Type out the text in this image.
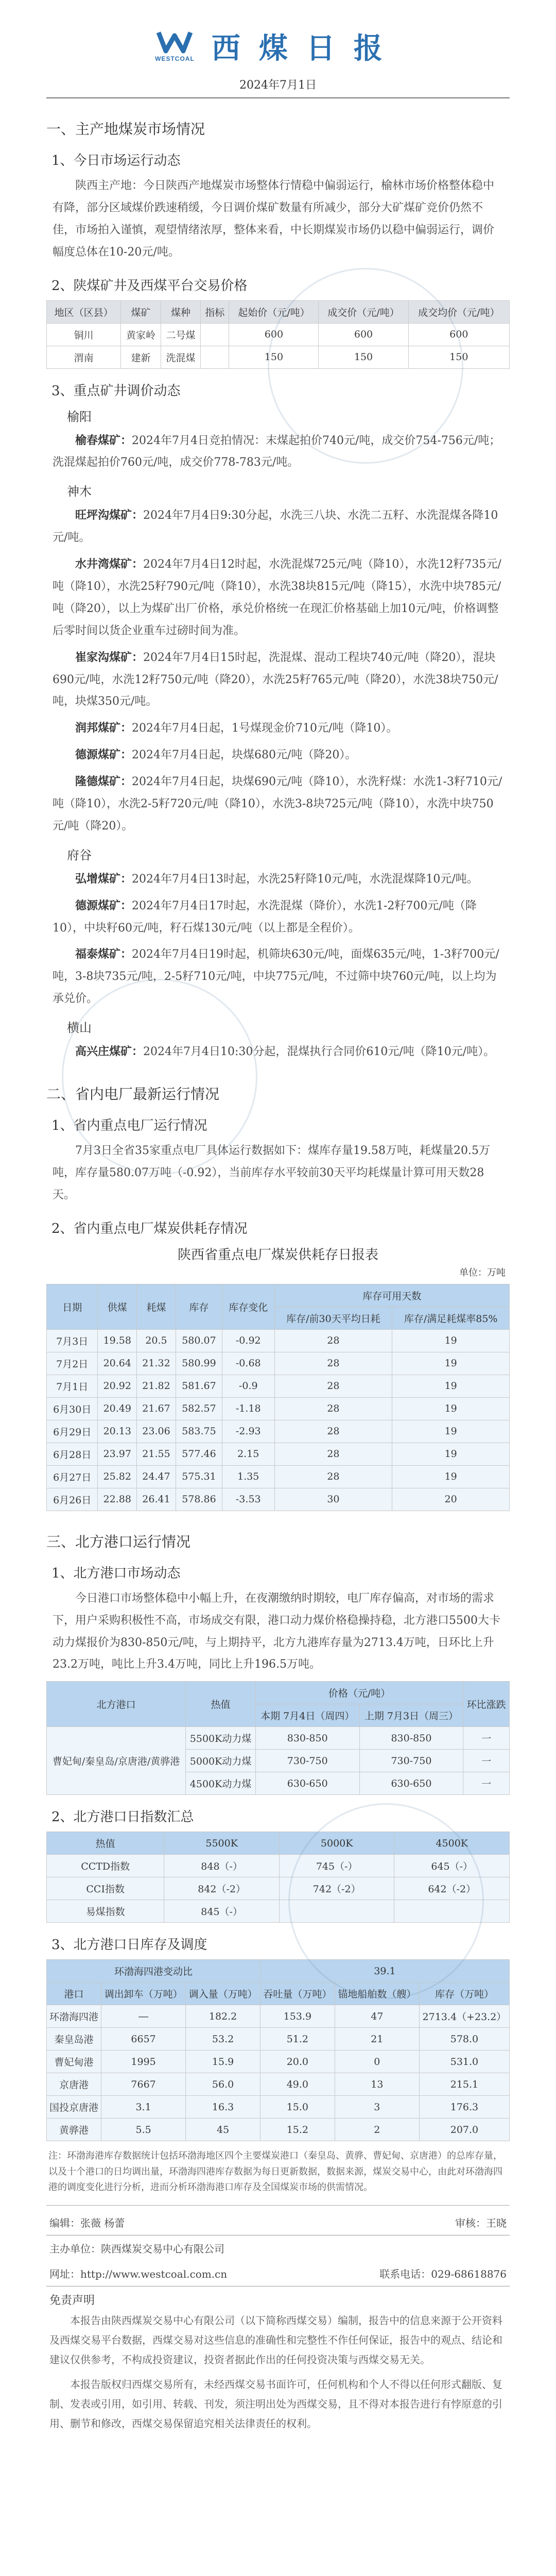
WESTCOAL 西煤日报
2024年7月1日
一、主产地煤炭市场情况
1、今日市场运行动态

陕西主产地：今日陕西产地煤炭市场整体行情稳中偏弱运行，榆林市场价格整体稳中有降，部分区域煤价跌速稍缓，今日调价煤矿数量有所减少，部分大矿煤矿竞价仍然不佳，市场拍入谨慎，观望情绪浓厚，整体来看，中长期煤炭市场仍以稳中偏弱运行，调价幅度总体在10-20元/吨。

2、陕煤矿井及西煤平台交易价格
地区（区县）	煤矿	煤种	指标	起始价（元/吨）	成交价（元/吨）	成交均价（元/吨）
铜川	黄家岭	二号煤		600	600	600
渭南	建新	洗混煤		150	150	150
3、重点矿井调价动态
榆阳

榆春煤矿：2024年7月4日竞拍情况：末煤起拍价740元/吨，成交价754-756元/吨；洗混煤起拍价760元/吨，成交价778-783元/吨。

神木

旺坪沟煤矿：2024年7月4日9:30分起，水洗三八块、水洗二五籽、水洗混煤各降10元/吨。

水井湾煤矿：2024年7月4日12时起，水洗混煤725元/吨（降10），水洗12籽735元/吨（降10），水洗25籽790元/吨（降10），水洗38块815元/吨（降15），水洗中块785元/吨（降20），以上为煤矿出厂价格，承兑价格统一在现汇价格基础上加10元/吨，价格调整后零时间以货企业重车过磅时间为准。

崔家沟煤矿：2024年7月4日15时起，洗混煤、混动工程块740元/吨（降20），混块690元/吨，水洗12籽750元/吨（降20），水洗25籽765元/吨（降20），水洗38块750元/吨，块煤350元/吨。

润邦煤矿：2024年7月4日起，1号煤现金价710元/吨（降10）。

德源煤矿：2024年7月4日起，块煤680元/吨（降20）。

隆德煤矿：2024年7月4日起，块煤690元/吨（降10），水洗籽煤：水洗1-3籽710元/吨（降10），水洗2-5籽720元/吨（降10），水洗3-8块725元/吨（降10），水洗中块750元/吨（降20）。

府谷

弘增煤矿：2024年7月4日13时起，水洗25籽降10元/吨，水洗混煤降10元/吨。

德源煤矿：2024年7月4日17时起，水洗混煤（降价），水洗1-2籽700元/吨（降10），中块籽60元/吨，籽石煤130元/吨（以上都是全程价）。

福泰煤矿：2024年7月4日19时起，机筛块630元/吨，面煤635元/吨，1-3籽700元/吨，3-8块735元/吨，2-5籽710元/吨，中块775元/吨，不过筛中块760元/吨，以上均为承兑价。

横山

高兴庄煤矿：2024年7月4日10:30分起，混煤执行合同价610元/吨（降10元/吨）。

二、省内电厂最新运行情况
1、省内重点电厂运行情况

7月3日全省35家重点电厂具体运行数据如下：煤库存量19.58万吨，耗煤量20.5万吨，库存量580.07万吨（-0.92），当前库存水平较前30天平均耗煤量计算可用天数28天。

2、省内重点电厂煤炭供耗存情况
陕西省重点电厂煤炭供耗存日报表
单位：万吨
日期	供煤	耗煤	库存	库存变化	库存可用天数	
					库存/前30天平均日耗	库存/满足耗煤率85%
7月3日	19.58	20.5	580.07	-0.92	28	19
7月2日	20.64	21.32	580.99	-0.68	28	19
7月1日	20.92	21.82	581.67	-0.9	28	19
6月30日	20.49	21.67	582.57	-1.18	28	19
6月29日	20.13	23.06	583.75	-2.93	28	19
6月28日	23.97	21.55	577.46	2.15	28	19
6月27日	25.82	24.47	575.31	1.35	28	19
6月26日	22.88	26.41	578.86	-3.53	30	20
三、北方港口运行情况
1、北方港口市场动态

今日港口市场整体稳中小幅上升，在夜潮缴纳时期较，电厂库存偏高，对市场的需求下，用户采购积极性不高，市场成交有限，港口动力煤价格稳操持稳，北方港口5500大卡动力煤报价为830-850元/吨，与上期持平，北方九港库存量为2713.4万吨，日环比上升23.2万吨，吨比上升3.4万吨，同比上升196.5万吨。

北方港口	热值	价格（元/吨）		环比涨跌
		本期 7月4日（周四）	上期 7月3日（周三）	
曹妃甸/秦皇岛/京唐港/黄骅港	5500K动力煤	830-850	830-850	一
	5000K动力煤	730-750	730-750	一
	4500K动力煤	630-650	630-650	一
2、北方港口日指数汇总
热值	5500K	5000K	4500K
CCTD指数	848（-）	745（-）	645（-）
CCI指数	842（-2）	742（-2）	642（-2）
易煤指数	845（-）		
3、北方港口日库存及调度
环渤海四港变动比			39.1		
港口	调出卸车（万吨）	调入量（万吨）	吞吐量（万吨）	锚地船舶数（艘）	库存（万吨）
环渤海四港	―	182.2	153.9	47	2713.4（+23.2）
秦皇岛港	6657	53.2	51.2	21	578.0
曹妃甸港	1995	15.9	20.0	0	531.0
京唐港	7667	56.0	49.0	13	215.1
国投京唐港	3.1	16.3	15.0	3	176.3
黄骅港	5.5	45	15.2	2	207.0
注：环渤海港库存数据统计包括环渤海地区四个主要煤炭港口（秦皇岛、黄骅、曹妃甸、京唐港）的总库存量，以及十个港口的日均调出量，环渤海四港库存数据为每日更新数据，数据来源，煤炭交易中心，由此对环渤海四港的调度变化进行分析，进而分析环渤海港口库存及全国煤炭市场的供需情况。
编辑：张薇 杨蕾	审核：王晓
主办单位：陕西煤炭交易中心有限公司
网址：http://www.westcoal.com.cn	联系电话：029-68618876
免责声明

本报告由陕西煤炭交易中心有限公司（以下简称西煤交易）编制，报告中的信息来源于公开资料及西煤交易平台数据，西煤交易对这些信息的准确性和完整性不作任何保证，报告中的观点、结论和建议仅供参考，不构成投资建议，投资者据此作出的任何投资决策与西煤交易无关。

本报告版权归西煤交易所有，未经西煤交易书面许可，任何机构和个人不得以任何形式翻版、复制、发表或引用，如引用、转载、刊发，须注明出处为西煤交易，且不得对本报告进行有悖原意的引用、删节和修改，西煤交易保留追究相关法律责任的权利。
